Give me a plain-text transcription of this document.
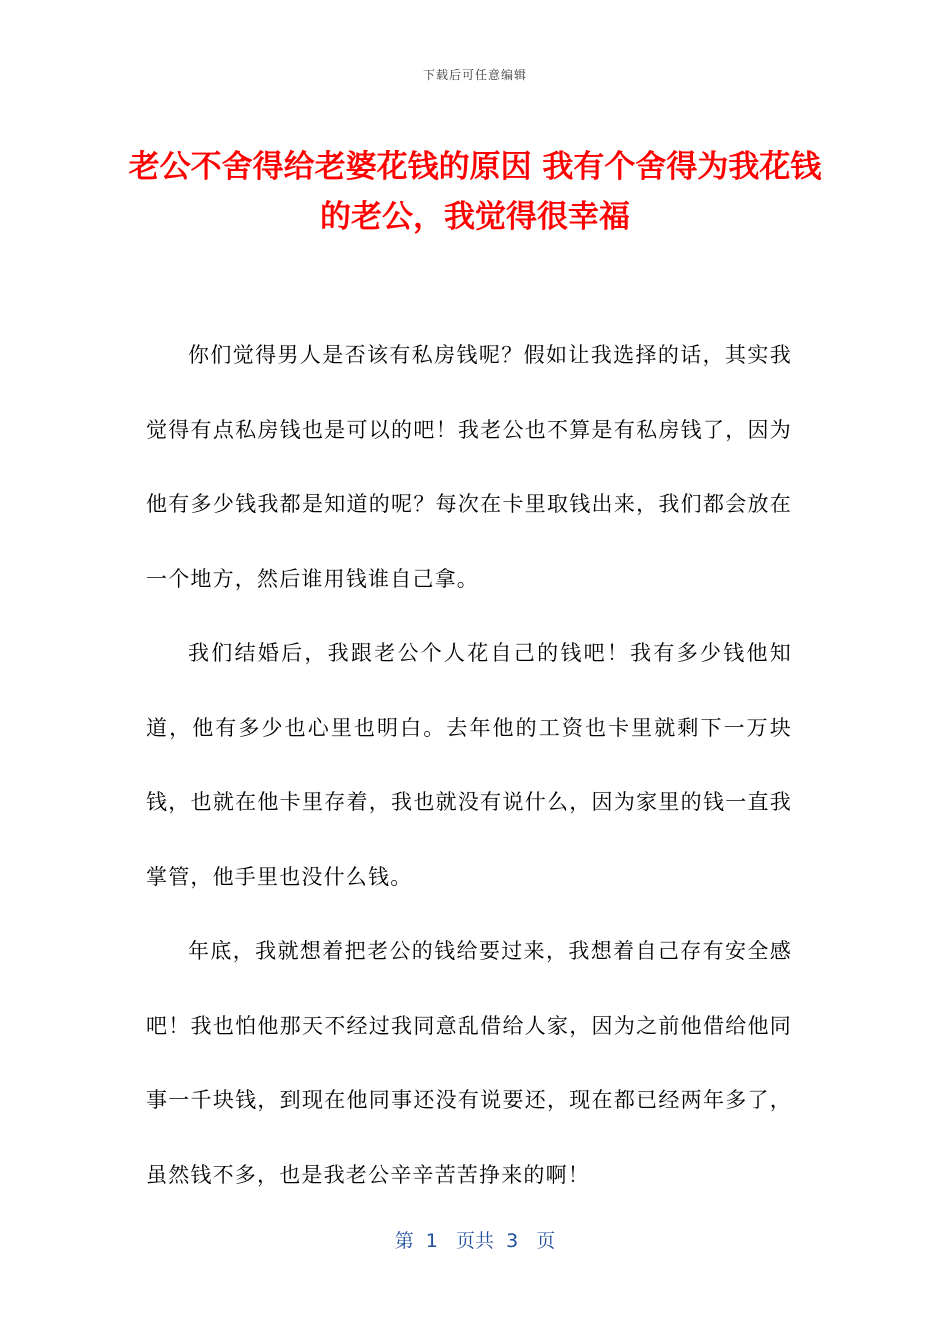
下载后可任意编辑
老公不舍得给老婆花钱的原因 我有个舍得为我花钱的老公，我觉得很幸福

你们觉得男人是否该有私房钱呢？假如让我选择的话，其实我觉得有点私房钱也是可以的吧！我老公也不算是有私房钱了，因为他有多少钱我都是知道的呢？每次在卡里取钱出来，我们都会放在一个地方，然后谁用钱谁自己拿。

我们结婚后，我跟老公个人花自己的钱吧！我有多少钱他知道，他有多少也心里也明白。去年他的工资也卡里就剩下一万块钱，也就在他卡里存着，我也就没有说什么，因为家里的钱一直我掌管，他手里也没什么钱。

年底，我就想着把老公的钱给要过来，我想着自己存有安全感吧！我也怕他那天不经过我同意乱借给人家，因为之前他借给他同事一千块钱，到现在他同事还没有说要还，现在都已经两年多了，虽然钱不多，也是我老公辛辛苦苦挣来的啊！

第  1   页共  3   页
